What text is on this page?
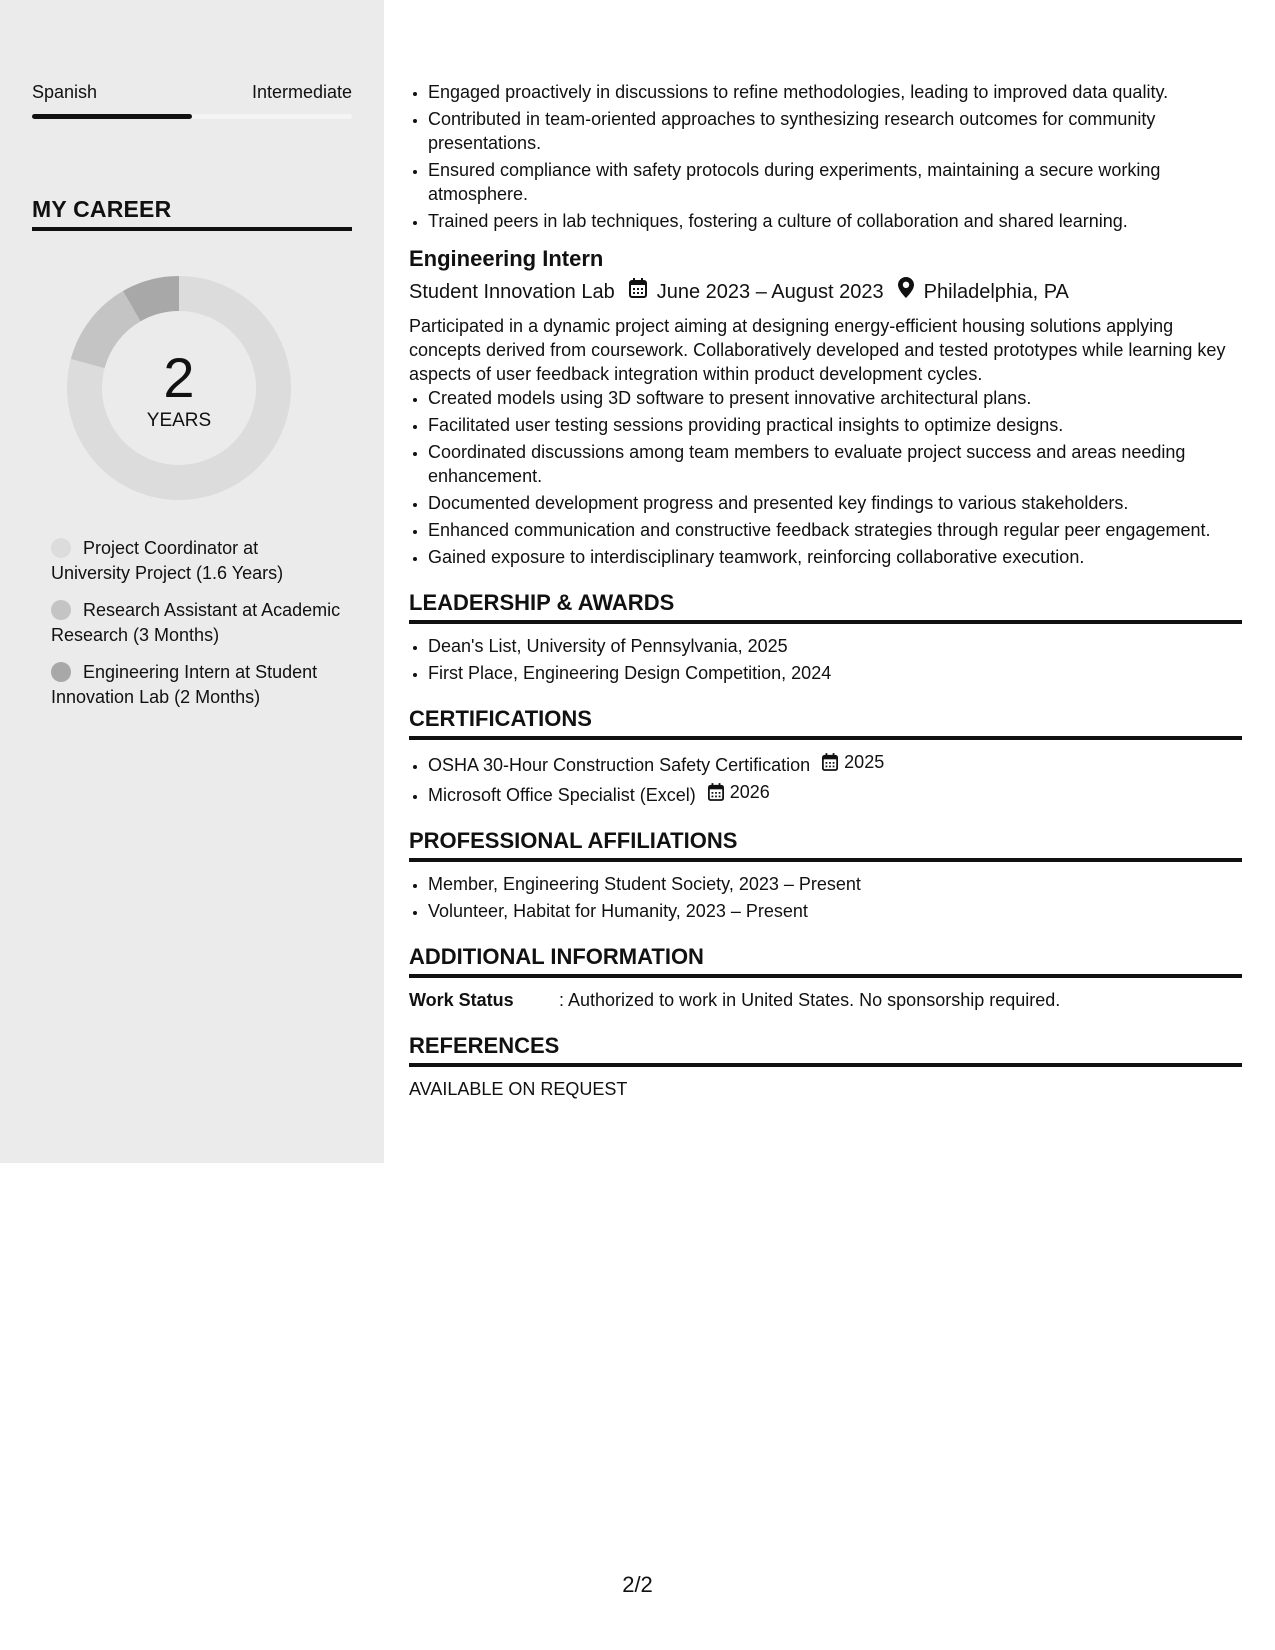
Spanish	Intermediate
MY CAREER
2
YEARS
Project Coordinator at University Project (1.6 Years)
Research Assistant at Academic Research (3 Months)
Engineering Intern at Student Innovation Lab (2 Months)
• Engaged proactively in discussions to refine methodologies, leading to improved data quality.
• Contributed in team-oriented approaches to synthesizing research outcomes for community presentations.
• Ensured compliance with safety protocols during experiments, maintaining a secure working atmosphere.
• Trained peers in lab techniques, fostering a culture of collaboration and shared learning.
Engineering Intern
Student Innovation Lab June 2023 – August 2023 Philadelphia, PA
Participated in a dynamic project aiming at designing energy-efficient housing solutions applying concepts derived from coursework. Collaboratively developed and tested prototypes while learning key aspects of user feedback integration within product development cycles.
• Created models using 3D software to present innovative architectural plans.
• Facilitated user testing sessions providing practical insights to optimize designs.
• Coordinated discussions among team members to evaluate project success and areas needing enhancement.
• Documented development progress and presented key findings to various stakeholders.
• Enhanced communication and constructive feedback strategies through regular peer engagement.
• Gained exposure to interdisciplinary teamwork, reinforcing collaborative execution.
LEADERSHIP & AWARDS
• Dean's List, University of Pennsylvania, 2025
• First Place, Engineering Design Competition, 2024
CERTIFICATIONS
• OSHA 30-Hour Construction Safety Certification 2025
• Microsoft Office Specialist (Excel) 2026
PROFESSIONAL AFFILIATIONS
• Member, Engineering Student Society, 2023 – Present
• Volunteer, Habitat for Humanity, 2023 – Present
ADDITIONAL INFORMATION
Work Status	: Authorized to work in United States. No sponsorship required.
REFERENCES
AVAILABLE ON REQUEST
2/2
